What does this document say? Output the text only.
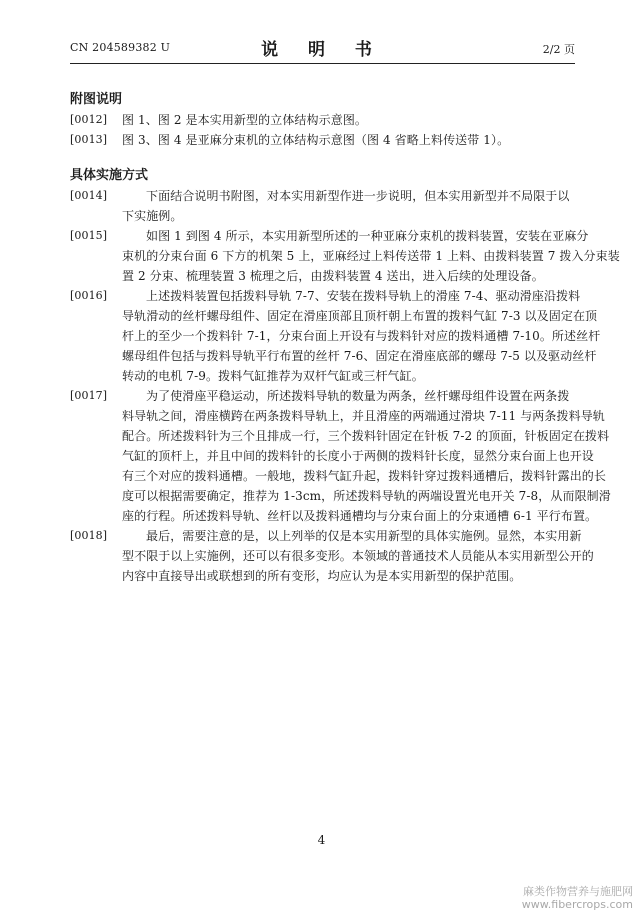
CN 204589382 U	说 明 书	2/2 页
附图说明
[0012] 图 1、图 2 是本实用新型的立体结构示意图。
[0013] 图 3、图 4 是亚麻分束机的立体结构示意图（图 4 省略上料传送带 1）。
具体实施方式
[0014]	下面结合说明书附图，对本实用新型作进一步说明，但本实用新型并不局限于以
下实施例。
[0015]	如图 1 到图 4 所示，本实用新型所述的一种亚麻分束机的拨料装置，安装在亚麻分
束机的分束台面 6 下方的机架 5 上，亚麻经过上料传送带 1 上料、由拨料装置 7 拨入分束装
置 2 分束、梳理装置 3 梳理之后，由拨料装置 4 送出，进入后续的处理设备。
[0016]	上述拨料装置包括拨料导轨 7-7、安装在拨料导轨上的滑座 7-4、驱动滑座沿拨料
导轨滑动的丝杆螺母组件、固定在滑座顶部且顶杆朝上布置的拨料气缸 7-3 以及固定在顶
杆上的至少一个拨料针 7-1，分束台面上开设有与拨料针对应的拨料通槽 7-10。所述丝杆
螺母组件包括与拨料导轨平行布置的丝杆 7-6、固定在滑座底部的螺母 7-5 以及驱动丝杆
转动的电机 7-9。拨料气缸推荐为双杆气缸或三杆气缸。
[0017]	为了使滑座平稳运动，所述拨料导轨的数量为两条，丝杆螺母组件设置在两条拨
料导轨之间，滑座横跨在两条拨料导轨上，并且滑座的两端通过滑块 7-11 与两条拨料导轨
配合。所述拨料针为三个且排成一行，三个拨料针固定在针板 7-2 的顶面，针板固定在拨料
气缸的顶杆上，并且中间的拨料针的长度小于两侧的拨料针长度，显然分束台面上也开设
有三个对应的拨料通槽。一般地，拨料气缸升起，拨料针穿过拨料通槽后，拨料针露出的长
度可以根据需要确定，推荐为 1-3cm，所述拨料导轨的两端设置光电开关 7-8，从而限制滑
座的行程。所述拨料导轨、丝杆以及拨料通槽均与分束台面上的分束通槽 6-1 平行布置。
[0018]	最后，需要注意的是，以上列举的仅是本实用新型的具体实施例。显然，本实用新
型不限于以上实施例，还可以有很多变形。本领域的普通技术人员能从本实用新型公开的
内容中直接导出或联想到的所有变形，均应认为是本实用新型的保护范围。
4
麻类作物营养与施肥网
www.fibercrops.com
